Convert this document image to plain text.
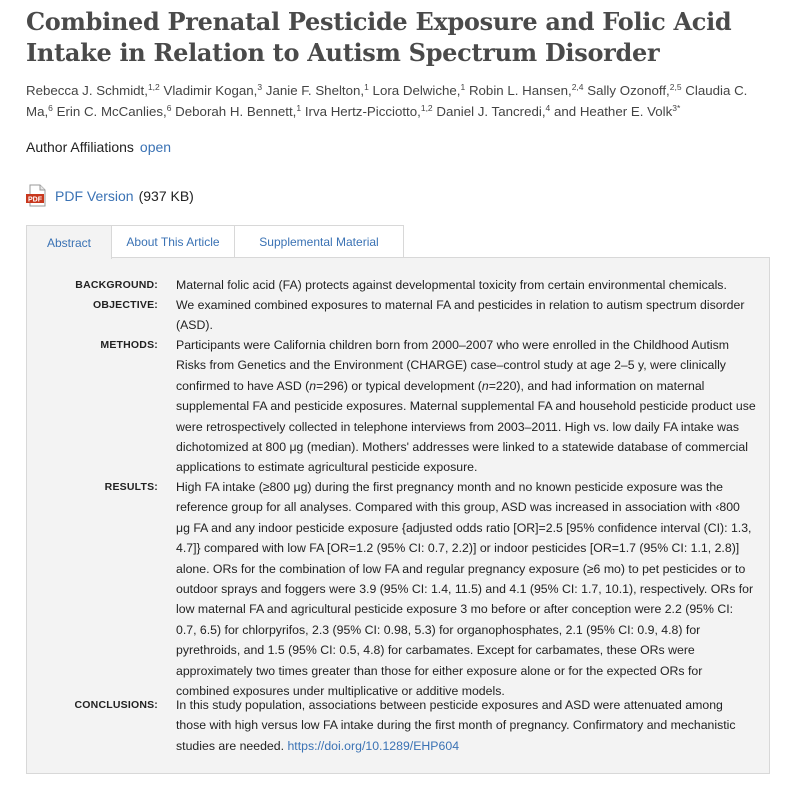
Combined Prenatal Pesticide Exposure and Folic Acid Intake in Relation to Autism Spectrum Disorder
Rebecca J. Schmidt,$^{1,2}$ Vladimir Kogan,$^3$ Janie F. Shelton,$^1$ Lora Delwiche,$^1$ Robin L. Hansen,$^{2,4}$ Sally Ozonoff,$^{2,5}$ Claudia C. Ma,$^6$ Erin C. McCanlies,$^6$ Deborah H. Bennett,$^1$ Irva Hertz-Picciotto,$^{1,2}$ Daniel J. Tancredi,$^4$ and Heather E. Volk$^{3*}$
Author Affiliations open
PDF PDF Version (937 KB)
Abstract	About This Article	Supplemental Material
BACKGROUND: Maternal folic acid (FA) protects against developmental toxicity from certain environmental chemicals.
OBJECTIVE: We examined combined exposures to maternal FA and pesticides in relation to autism spectrum disorder (ASD).
METHODS: Participants were California children born from 2000–2007 who were enrolled in the Childhood Autism Risks from Genetics and the Environment (CHARGE) case–control study at age 2–5 y, were clinically confirmed to have ASD (n=296) or typical development (n=220), and had information on maternal supplemental FA and pesticide exposures. Maternal supplemental FA and household pesticide product use were retrospectively collected in telephone interviews from 2003–2011. High vs. low daily FA intake was dichotomized at 800 μg (median). Mothers' addresses were linked to a statewide database of commercial applications to estimate agricultural pesticide exposure.
RESULTS: High FA intake (≥800 μg) during the first pregnancy month and no known pesticide exposure was the reference group for all analyses. Compared with this group, ASD was increased in association with ‹800 μg FA and any indoor pesticide exposure {adjusted odds ratio [OR]=2.5 [95% confidence interval (CI): 1.3, 4.7]} compared with low FA [OR=1.2 (95% CI: 0.7, 2.2)] or indoor pesticides [OR=1.7 (95% CI: 1.1, 2.8)] alone. ORs for the combination of low FA and regular pregnancy exposure (≥6 mo) to pet pesticides or to outdoor sprays and foggers were 3.9 (95% CI: 1.4, 11.5) and 4.1 (95% CI: 1.7, 10.1), respectively. ORs for low maternal FA and agricultural pesticide exposure 3 mo before or after conception were 2.2 (95% CI: 0.7, 6.5) for chlorpyrifos, 2.3 (95% CI: 0.98, 5.3) for organophosphates, 2.1 (95% CI: 0.9, 4.8) for pyrethroids, and 1.5 (95% CI: 0.5, 4.8) for carbamates. Except for carbamates, these ORs were approximately two times greater than those for either exposure alone or for the expected ORs for combined exposures under multiplicative or additive models.
CONCLUSIONS: In this study population, associations between pesticide exposures and ASD were attenuated among those with high versus low FA intake during the first month of pregnancy. Confirmatory and mechanistic studies are needed. https://doi.org/10.1289/EHP604
